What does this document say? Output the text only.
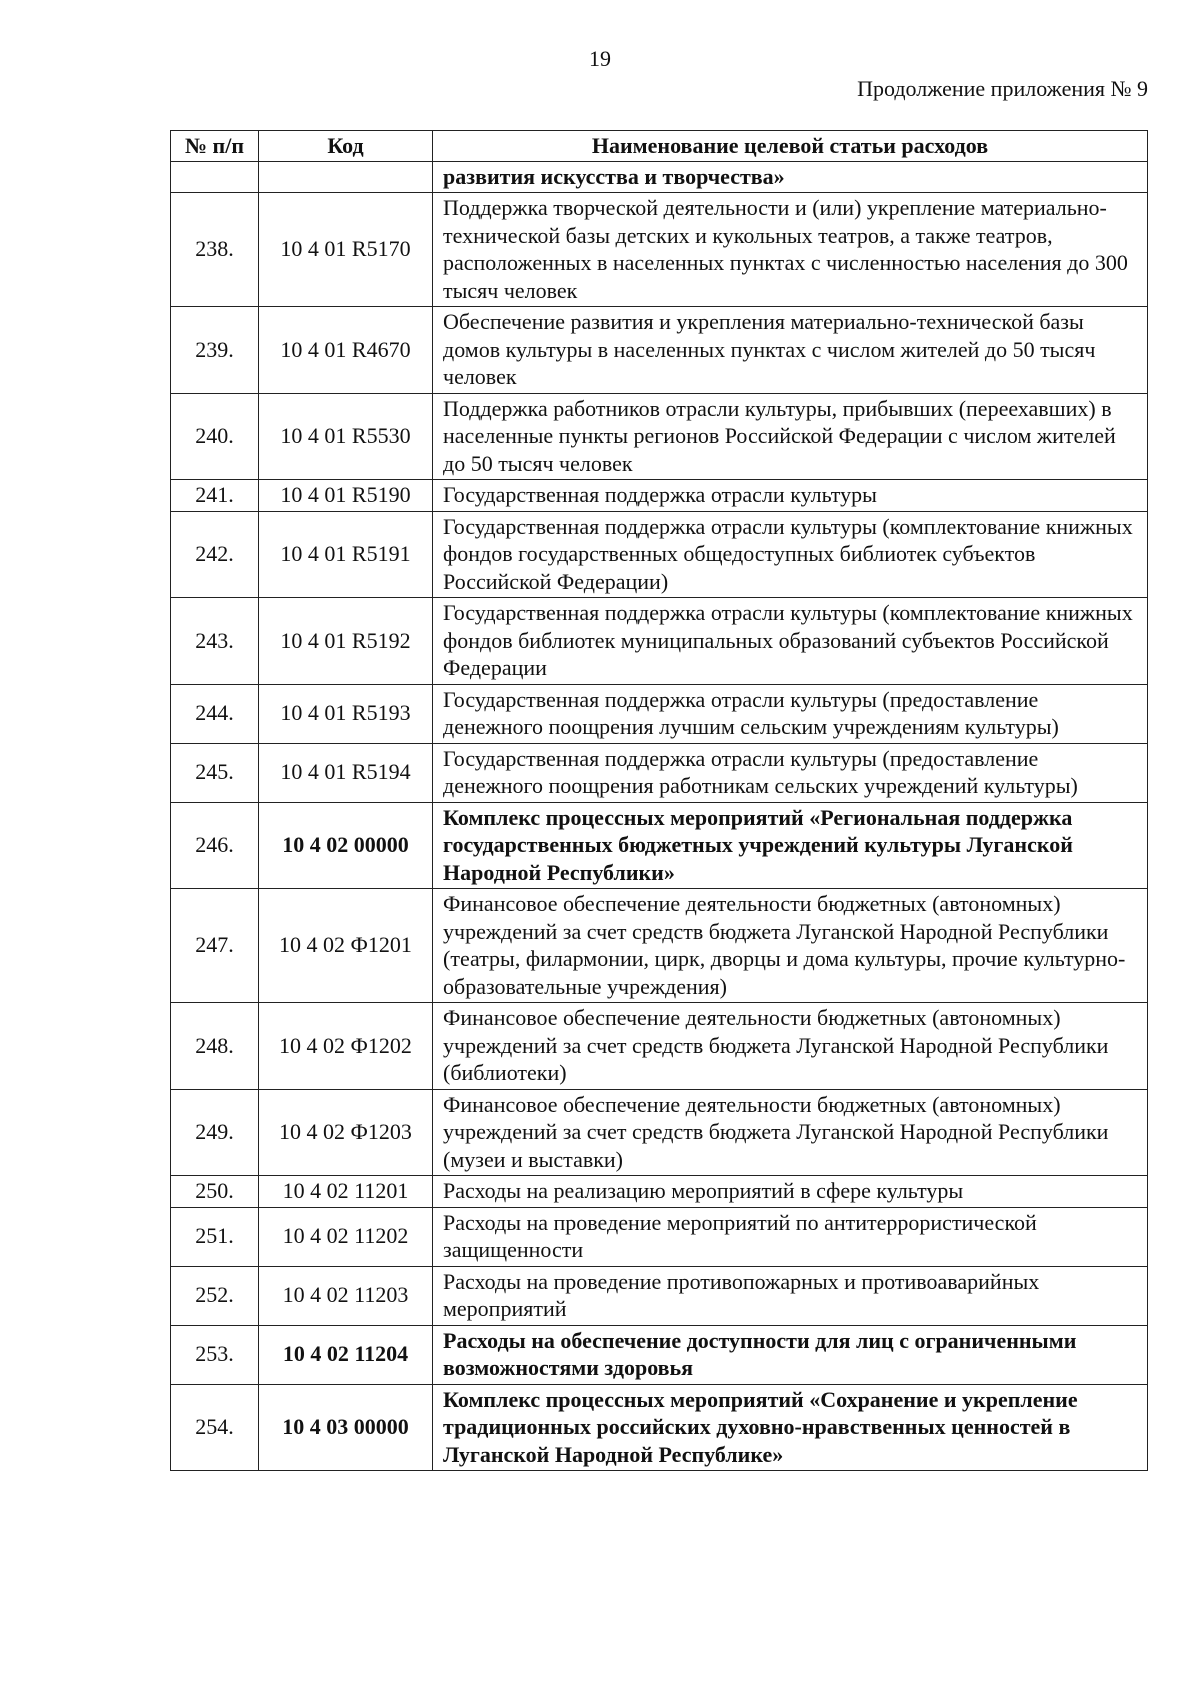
19
Продолжение приложения № 9
№ п/п	Код	Наименование целевой статьи расходов
		развития искусства и творчества»
238.	10 4 01 R5170	Поддержка творческой деятельности и (или) укрепление материально-технической базы детских и кукольных театров, а также театров, расположенных в населенных пунктах с численностью населения до 300 тысяч человек
239.	10 4 01 R4670	Обеспечение развития и укрепления материально-технической базы домов культуры в населенных пунктах с числом жителей до 50 тысяч человек
240.	10 4 01 R5530	Поддержка работников отрасли культуры, прибывших (переехавших) в населенные пункты регионов Российской Федерации с числом жителей до 50 тысяч человек
241.	10 4 01 R5190	Государственная поддержка отрасли культуры
242.	10 4 01 R5191	Государственная поддержка отрасли культуры (комплектование книжных фондов государственных общедоступных библиотек субъектов Российской Федерации)
243.	10 4 01 R5192	Государственная поддержка отрасли культуры (комплектование книжных фондов библиотек муниципальных образований субъектов Российской Федерации
244.	10 4 01 R5193	Государственная поддержка отрасли культуры (предоставление денежного поощрения лучшим сельским учреждениям культуры)
245.	10 4 01 R5194	Государственная поддержка отрасли культуры (предоставление денежного поощрения работникам сельских учреждений культуры)
246.	10 4 02 00000	Комплекс процессных мероприятий «Региональная поддержка государственных бюджетных учреждений культуры Луганской Народной Республики»
247.	10 4 02 Ф1201	Финансовое обеспечение деятельности бюджетных (автономных) учреждений за счет средств бюджета Луганской Народной Республики (театры, филармонии, цирк, дворцы и дома культуры, прочие культурно-образовательные учреждения)
248.	10 4 02 Ф1202	Финансовое обеспечение деятельности бюджетных (автономных) учреждений за счет средств бюджета Луганской Народной Республики (библиотеки)
249.	10 4 02 Ф1203	Финансовое обеспечение деятельности бюджетных (автономных) учреждений за счет средств бюджета Луганской Народной Республики (музеи и выставки)
250.	10 4 02 11201	Расходы на реализацию мероприятий в сфере культуры
251.	10 4 02 11202	Расходы на проведение мероприятий по антитеррористической защищенности
252.	10 4 02 11203	Расходы на проведение противопожарных и противоаварийных мероприятий
253.	10 4 02 11204	Расходы на обеспечение доступности для лиц с ограниченными возможностями здоровья
254.	10 4 03 00000	Комплекс процессных мероприятий «Сохранение и укрепление традиционных российских духовно-нравственных ценностей в Луганской Народной Республике»
